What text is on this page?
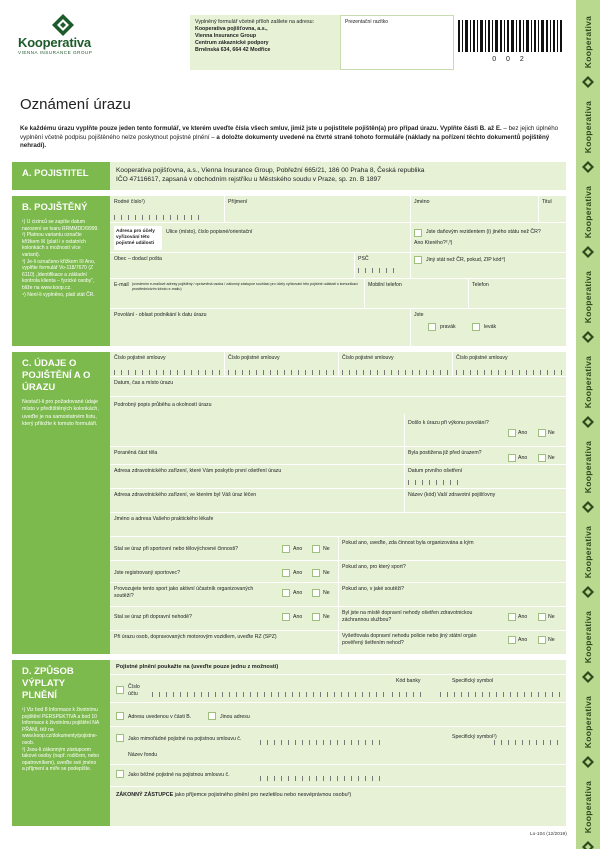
Kooperativa
VIENNA INSURANCE GROUP
Vyplněný formulář včetně příloh zašlete na adresu:
Kooperativa pojišťovna, a.s.,
Vienna Insurance Group
Centrum zákaznické podpory
Brněnská 634, 664 42 Modřice
Prezentační razítko
0 0 2
Oznámení úrazu
Ke každému úrazu vyplňte pouze jeden tento formulář, ve kterém uveďte čísla všech smluv, jimiž jste u pojistitele pojištěn(a) pro případ úrazu. Vyplňte části B. až E. – bez jejich úplného vyplnění včetně podpisu pojištěného nelze poskytnout pojistné plnění – a doložte dokumenty uvedené na čtvrté straně tohoto formuláře (náklady na pořízení těchto dokumentů pojištěný nehradí).
A. POJISTITEL	Kooperativa pojišťovna, a.s., Vienna Insurance Group, Pobřežní 665/21, 186 00 Praha 8, Česká republika
IČO 47116617, zapsaná v obchodním rejstříku u Městského soudu v Praze, sp. zn. B 1897
B. POJIŠTĚNÝ
¹) U cizinců se zapíše datum narození ve tvaru RRMMDD/9999.
²) Platnou variantu označte křížkem ☒ (platí i v ostatních kolonkách s možností více variant).
³) Je-li označeno křížkem ☒ Ano, vyplňte formulář Vo-118/7670 (Z 6110) „Identifikace a základní kontrola klienta – fyzické osoby“, blíže na www.koop.cz.
⁴) Není-li vyplněno, platí stát ČR.
Rodné číslo¹)	Příjmení	Jméno	Titul
Adresa pro účely vyřizování této pojistné události
Ulice (místo), číslo popisné/orientační	Jste daňovým rezidentem (i) jiného státu než ČR?
Ano Kterého?²,³)
Obec – dodací pošta	PSČ	Jiný stát než ČR, pokud, ZIP kód⁴)
E-mail (uvedením e-mailové adresy pojištěný / oprávněná osoba / zákonný zástupce souhlasí pro účely vyřizování této pojistné události s komunikací prostřednictvím tohoto e-mailu)
Mobilní telefon	Telefon
Povolání - oblast podnikání k datu úrazu	Jste
pravák	levák
C. ÚDAJE O POJIŠTĚNÍ A O ÚRAZU
Nestačí-li pro požadované údaje místo v předtištěných kolonkách, uveďte je na samostatném listu, který přiložte k tomuto formuláři.
Číslo pojistné smlouvy	Číslo pojistné smlouvy	Číslo pojistné smlouvy	Číslo pojistné smlouvy
Datum, čas a místo úrazu
Podrobný popis průběhu a okolností úrazu
Došlo k úrazu při výkonu povolání?
Ano	Ne
Poraněná část těla	Byla postižena již před úrazem?
Ano	Ne
Adresa zdravotnického zařízení, které Vám poskytlo první ošetření úrazu	Datum prvního ošetření
Adresa zdravotnického zařízení, ve kterém byl Váš úraz léčen	Název (kód) Vaší zdravotní pojišťovny
Jméno a adresa Vašeho praktického lékaře
Stal se úraz při sportovní nebo tělovýchovné činnosti?	Ano	Ne
Pokud ano, uveďte, zda činnost byla organizována a kým
Jste registrovaný sportovec?	Ano	Ne
Pokud ano, pro který sport?
Provozujete tento sport jako aktivní účastník organizovaných soutěží?	Ano	Ne
Pokud ano, v jaké soutěži?
Stal se úraz při dopravní nehodě?	Ano	Ne
Byl jste na místě dopravní nehody ošetřen zdravotnickou záchrannou službou?	Ano	Ne
Při úrazu osob, dopravovaných motorovým vozidlem, uveďte RZ (SPZ)	Vyšetřovala dopravní nehodu policie nebo jiný státní orgán pověřený šetřením nehod?	Ano	Ne
D. ZPŮSOB VÝPLATY PLNĚNÍ
¹) Viz bod 8 Informace k životnímu pojištění PERSPEKTIVA a bod 10 Informace k životnímu pojištění NA PŘÁNÍ, též na www.koop.cz/dokumenty/pojistne-osob.
²) Jsou-li zákonným zástupcem takové osoby (např. rodičem, nebo opatrovníkem), uveďte své jméno a příjmení a míře se podepíšte.
Pojistné plnění poukažte na (uveďte pouze jednu z možností)
Číslo účtu
Kód banky	Specifický symbol
Adresu uvedenou v části B.	Jinou adresu
Jako mimořádné pojistné na pojistnou smlouvu č.	Specifický symbol¹)
Název fondu
Jako běžné pojistné na pojistnou smlouvu č.
ZÁKONNÝ ZÁSTUPCE jako příjemce pojistného plnění pro nezletilou nebo nesvéprávnou osobu²)
Lo-104 (12/2019)
Kooperativa
Kooperativa
Kooperativa
Kooperativa
Kooperativa
Kooperativa
Kooperativa
Kooperativa
Kooperativa
Kooperativa
